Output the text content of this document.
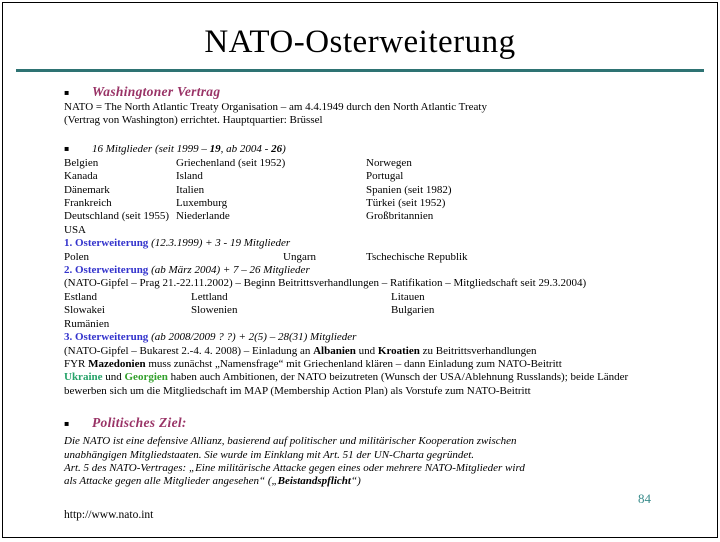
NATO-Osterweiterung
▪ Washingtoner Vertrag
NATO = The North Atlantic Treaty Organisation – am 4.4.1949 durch den North Atlantic Treaty
(Vertrag von Washington) errichtet. Hauptquartier: Brüssel
▪ 16 Mitglieder (seit 1999 – 19, ab 2004 - 26)
Belgien	Griechenland (seit 1952)	Norwegen
Kanada	Island	Portugal
Dänemark	Italien	Spanien (seit 1982)
Frankreich	Luxemburg	Türkei (seit 1952)
Deutschland (seit 1955) Niederlande	Großbritannien
USA
1. Osterweiterung (12.3.1999) + 3 - 19 Mitglieder
Polen	Ungarn	Tschechische Republik
2. Osterweiterung (ab März 2004) + 7 – 26 Mitglieder
(NATO-Gipfel – Prag 21.-22.11.2002) – Beginn Beitrittsverhandlungen – Ratifikation – Mitgliedschaft seit 29.3.2004)
Estland	Lettland	Litauen
Slowakei	Slowenien	Bulgarien
Rumänien
3. Osterweiterung (ab 2008/2009 ? ?) + 2(5) – 28(31) Mitglieder
(NATO-Gipfel – Bukarest 2.-4. 4. 2008) – Einladung an Albanien und Kroatien zu Beitrittsverhandlungen
FYR Mazedonien muss zunächst „Namensfrage“ mit Griechenland klären – dann Einladung zum NATO-Beitritt
Ukraine und Georgien haben auch Ambitionen, der NATO beizutreten (Wunsch der USA/Ablehnung Russlands); beide Länder
bewerben sich um die Mitgliedschaft im MAP (Membership Action Plan) als Vorstufe zum NATO-Beitritt
▪ Politisches Ziel:
Die NATO ist eine defensive Allianz, basierend auf politischer und militärischer Kooperation zwischen
unabhängigen Mitgliedstaaten. Sie wurde im Einklang mit Art. 51 der UN-Charta gegründet.
Art. 5 des NATO-Vertrages: „Eine militärische Attacke gegen eines oder mehrere NATO-Mitglieder wird
als Attacke gegen alle Mitglieder angesehen“ („Beistandspflicht“)
http://www.nato.int
84
